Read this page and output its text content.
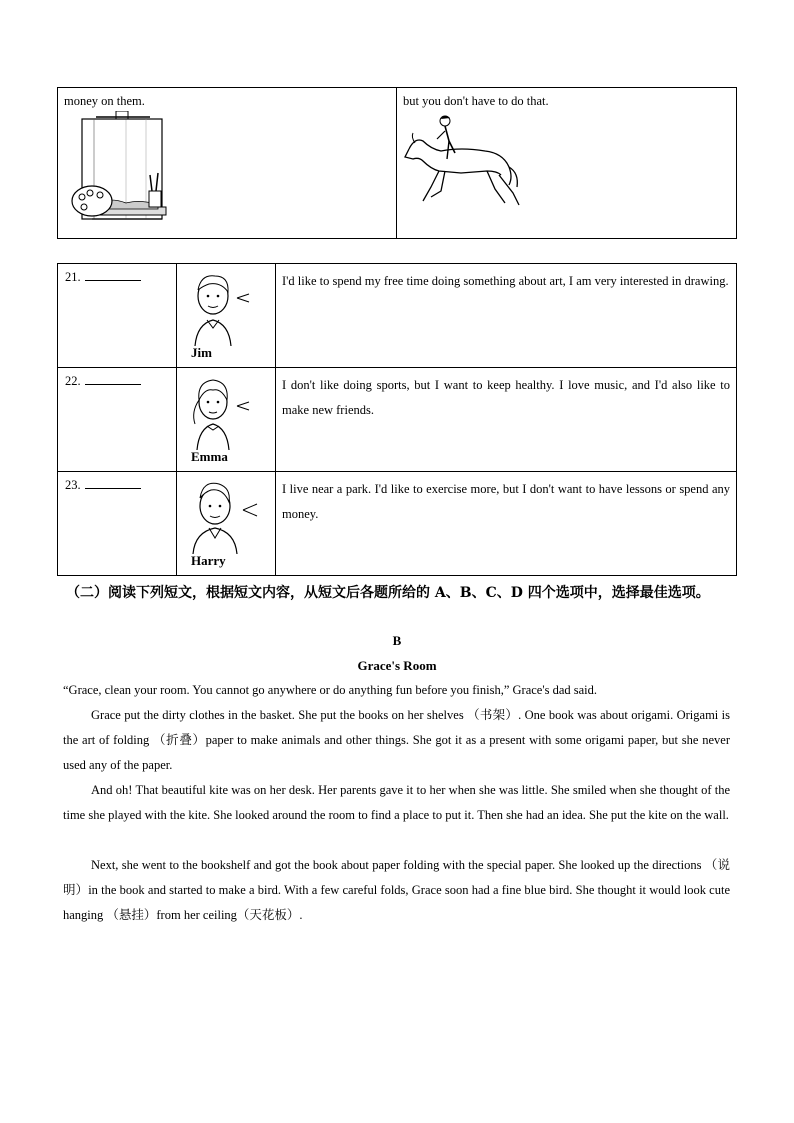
money on them.	but you don't have to do that.
21.	Jim	I'd like to spend my free time doing something about art, I am very interested in drawing.

22.	Emma	I don't like doing sports, but I want to keep healthy. I love music, and I'd also like to make new friends.

23.	Harry	I live near a park. I'd like to exercise more, but I don't want to have lessons or spend any money.
（二）阅读下列短文，根据短文内容，从短文后各题所给的 A、B、C、D 四个选项中，选择最佳选项。
B
Grace's Room
“Grace, clean your room. You cannot go anywhere or do anything fun before you finish,” Grace's dad said.
Grace put the dirty clothes in the basket. She put the books on her shelves （书架）. One book was about origami. Origami is the art of folding （折叠）paper to make animals and other things. She got it as a present with some origami paper, but she never used any of the paper.
And oh! That beautiful kite was on her desk. Her parents gave it to her when she was little. She smiled when she thought of the time she played with the kite. She looked around the room to find a place to put it. Then she had an idea. She put the kite on the wall.
Next, she went to the bookshelf and got the book about paper folding with the special paper. She looked up the directions （说明）in the book and started to make a bird. With a few careful folds, Grace soon had a fine blue bird. She thought it would look cute hanging （悬挂）from her ceiling（天花板）.
